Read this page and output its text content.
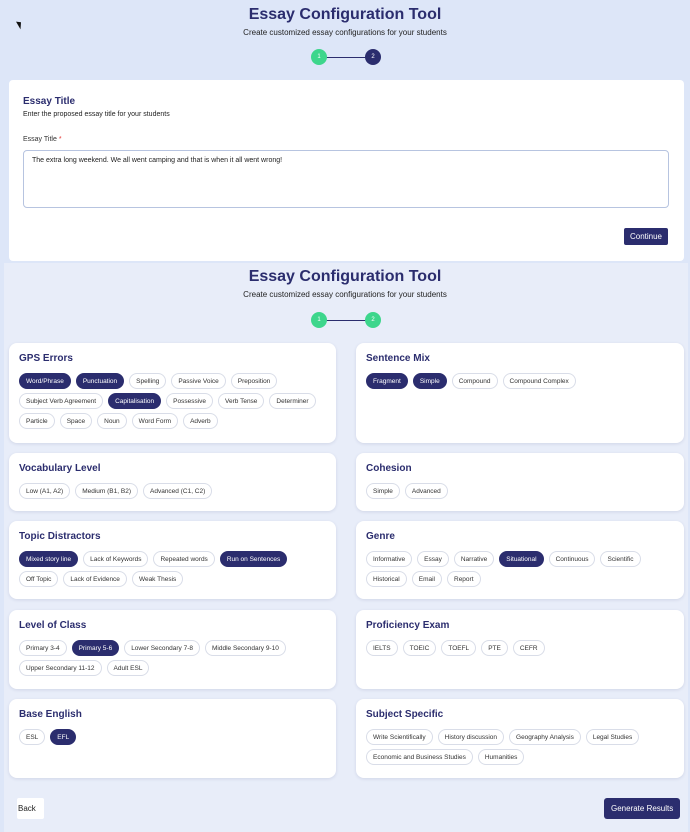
Essay Configuration Tool
Create customized essay configurations for your students
1	2
Essay Title
Enter the proposed essay title for your students
Essay Title *
The extra long weekend. We all went camping and that is when it all went wrong!
Continue
Essay Configuration Tool
Create customized essay configurations for your students
1	2
GPS Errors
Word/Phrase	Punctuation	Spelling	Passive Voice	Preposition
Subject Verb Agreement	Capitalisation	Possessive	Verb Tense	Determiner
Particle	Space	Noun	Word Form	Adverb
Sentence Mix
Fragment	Simple	Compound	Compound Complex
Vocabulary Level
Low (A1, A2)	Medium (B1, B2)	Advanced (C1, C2)
Cohesion
Simple	Advanced
Topic Distractors
Mixed story line	Lack of Keywords	Repeated words	Run on Sentences
Off Topic	Lack of Evidence	Weak Thesis
Genre
Informative	Essay	Narrative	Situational	Continuous	Scientific
Historical	Email	Report
Level of Class
Primary 3-4	Primary 5-6	Lower Secondary 7-8	Middle Secondary 9-10
Upper Secondary 11-12	Adult ESL
Proficiency Exam
IELTS	TOEIC	TOEFL	PTE	CEFR
Base English
ESL	EFL
Subject Specific
Write Scientifically	History discussion	Geography Analysis	Legal Studies
Economic and Business Studies	Humanities
Back	Generate Results
